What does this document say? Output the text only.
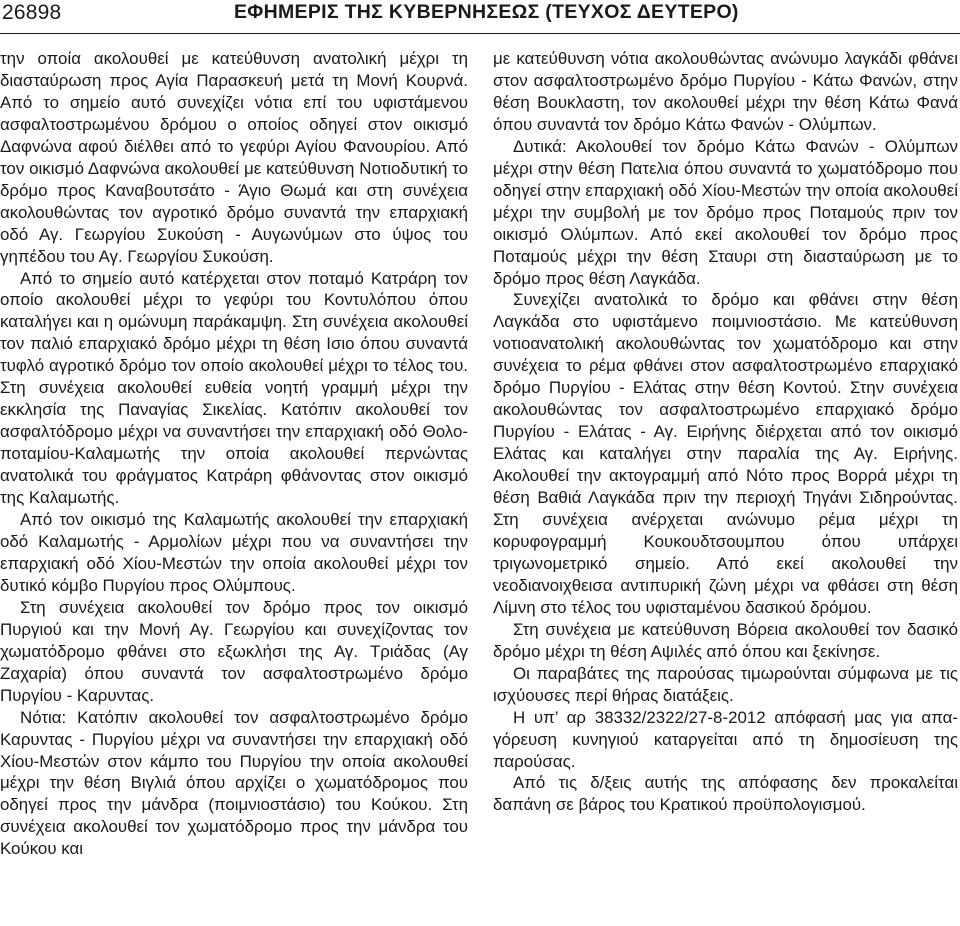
26898	ΕΦΗΜΕΡΙΣ ΤΗΣ ΚΥΒΕΡΝΗΣΕΩΣ (ΤΕΥΧΟΣ ΔΕΥΤΕΡΟ)

την οποία ακολουθεί με κατεύθυνση ανατολική μέχρι τη διασταύρωση προς Αγία Παρασκευή μετά τη Μονή Κουρνά. Από το σημείο αυτό συνεχίζει νότια επί του υφιστάμενου ασφαλτοστρωμένου δρόμου ο οποίος οδηγεί στον οικισμό Δαφνώνα αφού διέλθει από το γεφύρι Αγίου Φανουρίου. Από τον οικισμό Δαφνώνα ακολουθεί με κατεύθυνση Νοτιοδυτική το δρόμο προς Καναβουτσάτο - Άγιο Θωμά και στη συνέχεια ακολουθώντας τον αγροτικό δρόμο συναντά την επαρχιακή οδό Αγ. Γεωργίου Συκούση - Αυγωνύμων στο ύψος του γηπέδου του Αγ. Γεωργίου Συκούση.

Από το σημείο αυτό κατέρχεται στον ποταμό Κατράρη τον οποίο ακολουθεί μέχρι το γεφύρι του Κοντυλόπου όπου καταλήγει και η ομώνυμη παράκαμψη. Στη συνέχεια ακολουθεί τον παλιό επαρχιακό δρόμο μέχρι τη θέση Ισιο όπου συναντά τυφλό αγροτικό δρόμο τον οποίο ακολουθεί μέχρι το τέλος του. Στη συνέχεια ακολουθεί ευθεία νοητή γραμμή μέχρι την εκκλησία της Παναγίας Σικελίας. Κατόπιν ακολουθεί τον ασφαλτόδρομο μέχρι να συναντήσει την επαρχιακή οδό Θολοποταμίου-Καλαμωτής την οποία ακολουθεί περνώντας ανατολικά του φράγματος Κατράρη φθάνοντας στον οικισμό της Καλαμωτής.

Από τον οικισμό της Καλαμωτής ακολουθεί την επαρχιακή οδό Καλαμωτής - Αρμολίων μέχρι που να συναντήσει την επαρχιακή οδό Χίου-Μεστών την οποία ακολουθεί μέχρι τον δυτικό κόμβο Πυργίου προς Ολύμπους.

Στη συνέχεια ακολουθεί τον δρόμο προς τον οικισμό Πυργιού και την Μονή Αγ. Γεωργίου και συνεχίζοντας τον χωματόδρομο φθάνει στο εξωκλήσι της Αγ. Τριάδας (Αγ Ζαχαρία) όπου συναντά τον ασφαλτοστρωμένο δρόμο Πυργίου - Καρυντας.

Νότια: Κατόπιν ακολουθεί τον ασφαλτοστρωμένο δρόμο Καρυντας - Πυργίου μέχρι να συναντήσει την επαρχιακή οδό Χίου-Μεστών στον κάμπο του Πυργίου την οποία ακολουθεί μέχρι την θέση Βιγλιά όπου αρχίζει ο χωματόδρομος που οδηγεί προς την μάνδρα (ποιμνιοστάσιο) του Κούκου. Στη συνέχεια ακολουθεί τον χωματόδρομο προς την μάνδρα του Κούκου και

με κατεύθυνση νότια ακολουθώντας ανώνυμο λαγκάδι φθάνει στον ασφαλτοστρωμένο δρόμο Πυργίου - Κάτω Φανών, στην θέση Βουκλαστη, τον ακολουθεί μέχρι την θέση Κάτω Φανά όπου συναντά τον δρόμο Κάτω Φανών - Ολύμπων.

Δυτικά: Ακολουθεί τον δρόμο Κάτω Φανών - Ολύμπων μέχρι στην θέση Πατελια όπου συναντά το χωματόδρομο που οδηγεί στην επαρχιακή οδό Χίου-Μεστών την οποία ακολουθεί μέχρι την συμβολή με τον δρόμο προς Ποταμούς πριν τον οικισμό Ολύμπων. Από εκεί ακολουθεί τον δρόμο προς Ποταμούς μέχρι την θέση Σταυρι στη διασταύρωση με το δρόμο προς θέση Λαγκάδα.

Συνεχίζει ανατολικά το δρόμο και φθάνει στην θέση Λαγκάδα στο υφιστάμενο ποιμνιοστάσιο. Με κατεύθυνση νοτιοανατολική ακολουθώντας τον χωματόδρομο και στην συνέχεια το ρέμα φθάνει στον ασφαλτοστρωμένο επαρχιακό δρόμο Πυργίου - Ελάτας στην θέση Κοντού. Στην συνέχεια ακολουθώντας τον ασφαλτοστρωμένο επαρχιακό δρόμο Πυργίου - Ελάτας - Αγ. Ειρήνης διέρχεται από τον οικισμό Ελάτας και καταλήγει στην παραλία της Αγ. Ειρήνης. Ακολουθεί την ακτογραμμή από Νότο προς Βορρά μέχρι τη θέση Βαθιά Λαγκάδα πριν την περιοχή Τηγάνι Σιδηρούντας. Στη συνέχεια ανέρχεται ανώνυμο ρέμα μέχρι τη κορυφογραμμή Κουκουδτσουμπου όπου υπάρχει τριγωνομετρικό σημείο. Από εκεί ακολουθεί την νεοδιανοιχθεισα αντιπυρική ζώνη μέχρι να φθάσει στη θέση Λίμνη στο τέλος του υφισταμένου δασικού δρόμου.

Στη συνέχεια με κατεύθυνση Βόρεια ακολουθεί τον δασικό δρόμο μέχρι τη θέση Αψιλές από όπου και ξεκίνησε.

Οι παραβάτες της παρούσας τιμωρούνται σύμφωνα με τις ισχύουσες περί θήρας διατάξεις.

Η υπ’ αρ 38332/2322/27-8-2012 απόφασή μας για απαγόρευση κυνηγιού καταργείται από τη δημοσίευση της παρούσας.

Από τις δ/ξεις αυτής της απόφασης δεν προκαλείται δαπάνη σε βάρος του Κρατικού προϋπολογισμού.
